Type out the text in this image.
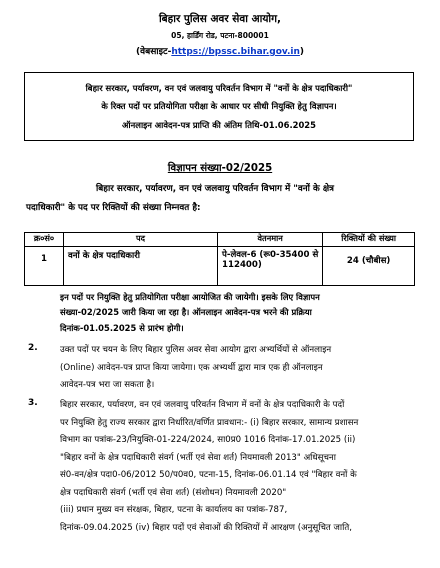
बिहार पुलिस अवर सेवा आयोग,
05, हार्डिंग रोड, पटना-800001
(वेबसाइट-https://bpssc.bihar.gov.in)
बिहार सरकार, पर्यावरण, वन एवं जलवायु परिवर्तन विभाग में "वनों के क्षेत्र पदाधिकारी"
के रिक्त पदों पर प्रतियोगिता परीक्षा के आधार पर सीधी नियुक्ति हेतु विज्ञापन।
ऑनलाइन आवेदन-पत्र प्राप्ति की अंतिम तिथि-01.06.2025
विज्ञापन संख्या-02/2025
बिहार सरकार, पर्यावरण, वन एवं जलवायु परिवर्तन विभाग में "वनों के क्षेत्र
पदाधिकारी" के पद पर रिक्तियों की संख्या निम्नवत है:
क्र०सं०	पद	वेतनमान	रिक्तियों की संख्या
1	वनों के क्षेत्र पदाधिकारी	पे-लेवल-6 (रू0-35400 से
112400)	24 (चौबीस)
इन पदों पर नियुक्ति हेतु प्रतियोगिता परीक्षा आयोजित की जायेगी। इसके लिए विज्ञापन
संख्या-02/2025 जारी किया जा रहा है। ऑनलाइन आवेदन-पत्र भरने की प्रक्रिया
दिनांक-01.05.2025 से प्रारंभ होगी।
2.	उक्त पदों पर चयन के लिए बिहार पुलिस अवर सेवा आयोग द्वारा अभ्यर्थियों से ऑनलाइन
(Online) आवेदन-पत्र प्राप्त किया जायेगा। एक अभ्यर्थी द्वारा मात्र एक ही ऑनलाइन
आवेदन-पत्र भरा जा सकता है।
3.	बिहार सरकार, पर्यावरण, वन एवं जलवायु परिवर्तन विभाग में वनों के क्षेत्र पदाधिकारी के पदों
पर नियुक्ति हेतु राज्य सरकार द्वारा निर्धारित/वर्णित प्रावधान:- (i) बिहार सरकार, सामान्य प्रशासन
विभाग का पत्रांक-23/नियुक्ति-01-224/2024, सा0प्र0 1016 दिनांक-17.01.2025 (ii)
"बिहार वनों के क्षेत्र पदाधिकारी संवर्ग (भर्ती एवं सेवा शर्त) नियमावली 2013" अधिसूचना
सं0-वन/क्षेत्र पदा0-06/2012 50/प0व0, पटना-15, दिनांक-06.01.14 एवं "बिहार वनों के
क्षेत्र पदाधिकारी संवर्ग (भर्ती एवं सेवा शर्त) (संशोधन) नियमावली 2020"
(iii) प्रधान मुख्य वन संरक्षक, बिहार, पटना के कार्यालय का पत्रांक-787,
दिनांक-09.04.2025 (iv) बिहार पदों एवं सेवाओं की रिक्तियों में आरक्षण (अनुसूचित जाति,
